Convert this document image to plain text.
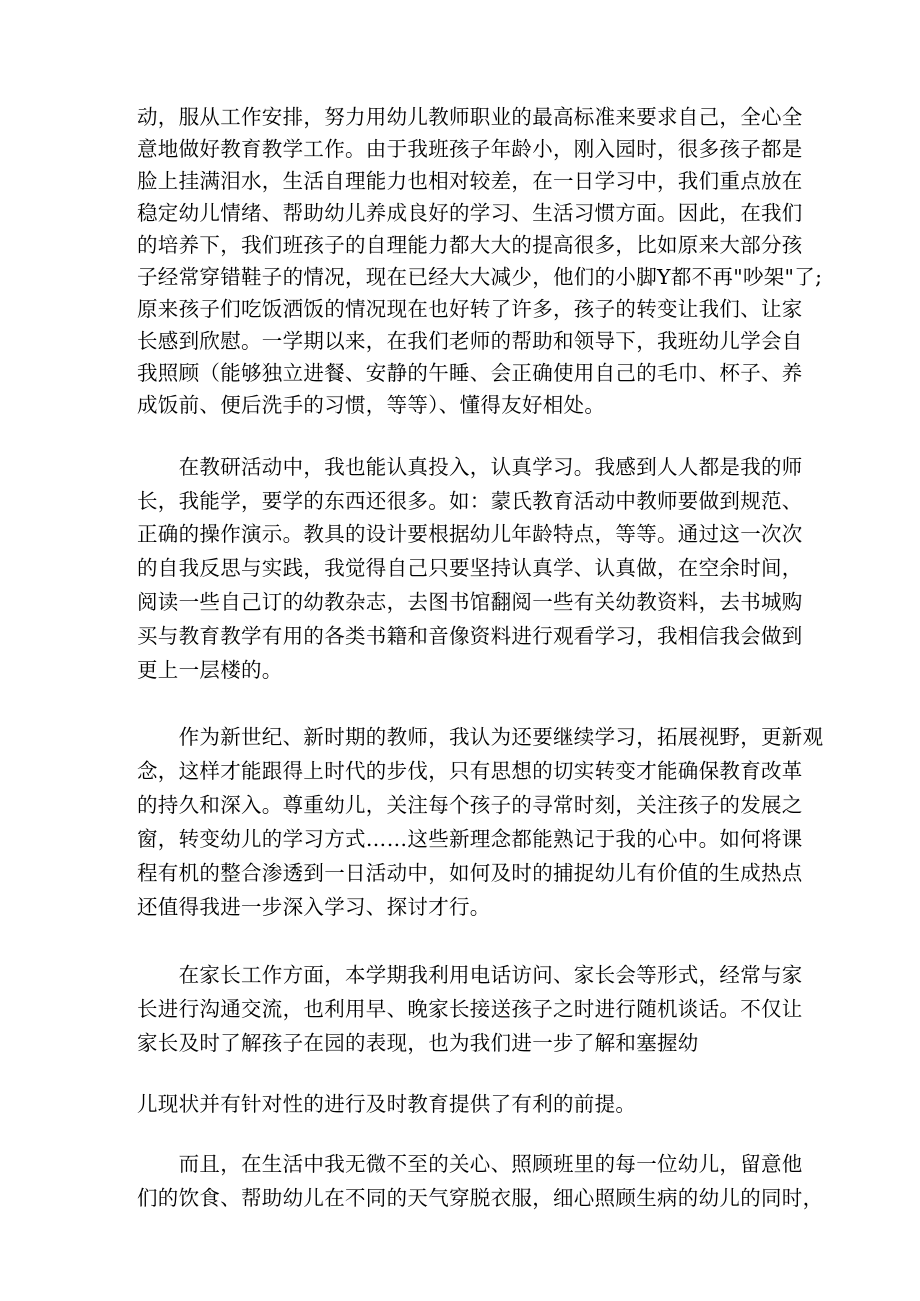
动，服从工作安排，努力用幼儿教师职业的最高标准来要求自己，全心全
意地做好教育教学工作。由于我班孩子年龄小，刚入园时，很多孩子都是
脸上挂满泪水，生活自理能力也相对较差，在一日学习中，我们重点放在
稳定幼儿情绪、帮助幼儿养成良好的学习、生活习惯方面。因此，在我们
的培养下，我们班孩子的自理能力都大大的提高很多，比如原来大部分孩
子经常穿错鞋子的情况，现在已经大大减少，他们的小脚Y都不再"吵架"了;
原来孩子们吃饭洒饭的情况现在也好转了许多，孩子的转变让我们、让家
长感到欣慰。一学期以来，在我们老师的帮助和领导下，我班幼儿学会自
我照顾（能够独立进餐、安静的午睡、会正确使用自己的毛巾、杯子、养
成饭前、便后洗手的习惯，等等）、懂得友好相处。
　　在教研活动中，我也能认真投入，认真学习。我感到人人都是我的师
长，我能学，要学的东西还很多。如：蒙氏教育活动中教师要做到规范、
正确的操作演示。教具的设计要根据幼儿年龄特点，等等。通过这一次次
的自我反思与实践，我觉得自己只要坚持认真学、认真做，在空余时间，
阅读一些自己订的幼教杂志，去图书馆翻阅一些有关幼教资料，去书城购
买与教育教学有用的各类书籍和音像资料进行观看学习，我相信我会做到
更上一层楼的。
　　作为新世纪、新时期的教师，我认为还要继续学习，拓展视野，更新观
念，这样才能跟得上时代的步伐，只有思想的切实转变才能确保教育改革
的持久和深入。尊重幼儿，关注每个孩子的寻常时刻，关注孩子的发展之
窗，转变幼儿的学习方式……这些新理念都能熟记于我的心中。如何将课
程有机的整合渗透到一日活动中，如何及时的捕捉幼儿有价值的生成热点
还值得我进一步深入学习、探讨才行。
　　在家长工作方面，本学期我利用电话访问、家长会等形式，经常与家
长进行沟通交流，也利用早、晚家长接送孩子之时进行随机谈话。不仅让
家长及时了解孩子在园的表现，也为我们进一步了解和塞握幼
儿现状并有针对性的进行及时教育提供了有利的前提。
　　而且，在生活中我无微不至的关心、照顾班里的每一位幼儿，留意他
们的饮食、帮助幼儿在不同的天气穿脱衣服，细心照顾生病的幼儿的同时，
